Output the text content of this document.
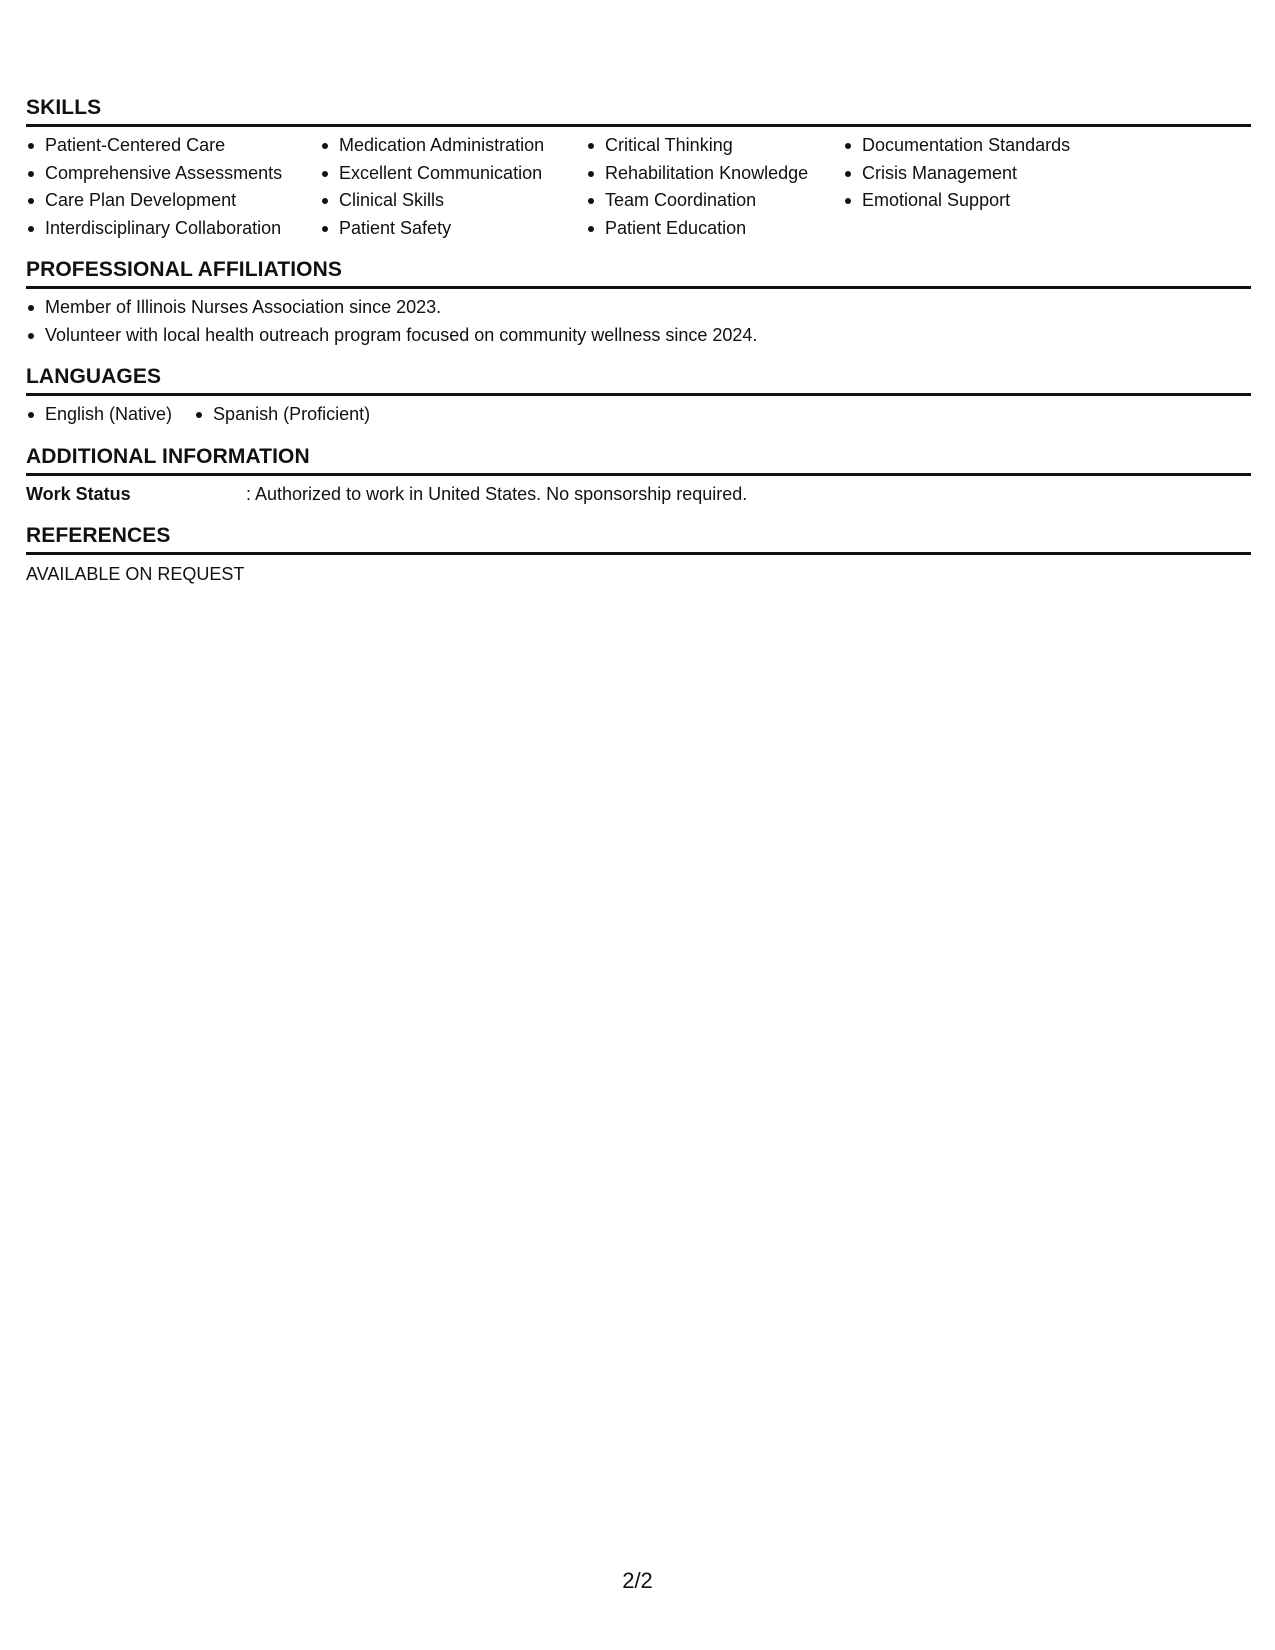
SKILLS
Patient-Centered Care
Comprehensive Assessments
Care Plan Development
Interdisciplinary Collaboration
Medication Administration
Excellent Communication
Clinical Skills
Patient Safety
Critical Thinking
Rehabilitation Knowledge
Team Coordination
Patient Education
Documentation Standards
Crisis Management
Emotional Support
PROFESSIONAL AFFILIATIONS
Member of Illinois Nurses Association since 2023.
Volunteer with local health outreach program focused on community wellness since 2024.
LANGUAGES
English (Native)	Spanish (Proficient)
ADDITIONAL INFORMATION
Work Status	: Authorized to work in United States. No sponsorship required.
REFERENCES
AVAILABLE ON REQUEST
2/2
